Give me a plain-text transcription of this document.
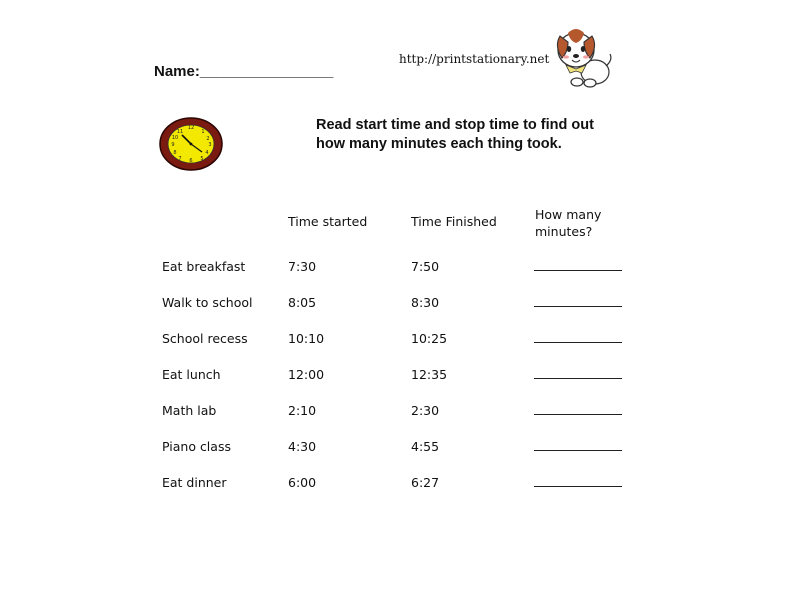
Name:________________
http://printstationary.net
12
1
2
3
4
5
6
7
8
9
10
11	Read start time and stop time to find out
how many minutes each thing took.
Time started	Time Finished	How many
minutes?
Eat breakfast	7:30	7:50
Walk to school	8:05	8:30
School recess	10:10	10:25
Eat lunch	12:00	12:35
Math lab	2:10	2:30
Piano class	4:30	4:55
Eat dinner	6:00	6:27
